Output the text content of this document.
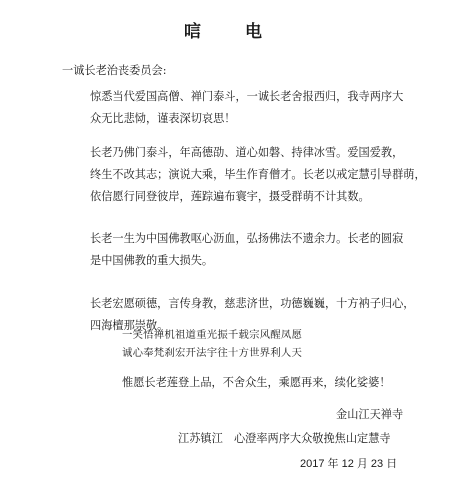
唁 电
一诚长老治丧委员会:
惊悉当代爱国高僧、禅门泰斗，一诚长老舍报西归，我寺两序大
众无比悲恸，谨表深切哀思！
长老乃佛门泰斗，年高德劭、道心如磐、持律冰雪。爱国爱教，
终生不改其志；演说大乘，毕生作育僧才。长老以戒定慧引导群萌，
依信愿行同登彼岸，莲踪遍布寰宇，摄受群萌不计其数。
长老一生为中国佛教呕心沥血，弘扬佛法不遗余力。长老的圆寂
是中国佛教的重大损失。
长老宏愿硕德，言传身教，慈悲济世，功德巍巍，十方衲子归心，
四海檀那崇敬。
一笑悟禅机祖道重光振千载宗风醒凤愿
诚心奉梵刹宏开法宇往十方世界利人天
惟愿长老莲登上品，不舍众生，乘愿再来，续化娑婆！
金山江天禅寺
江苏镇江　心澄率两序大众敬挽焦山定慧寺
2017 年 12 月 23 日
